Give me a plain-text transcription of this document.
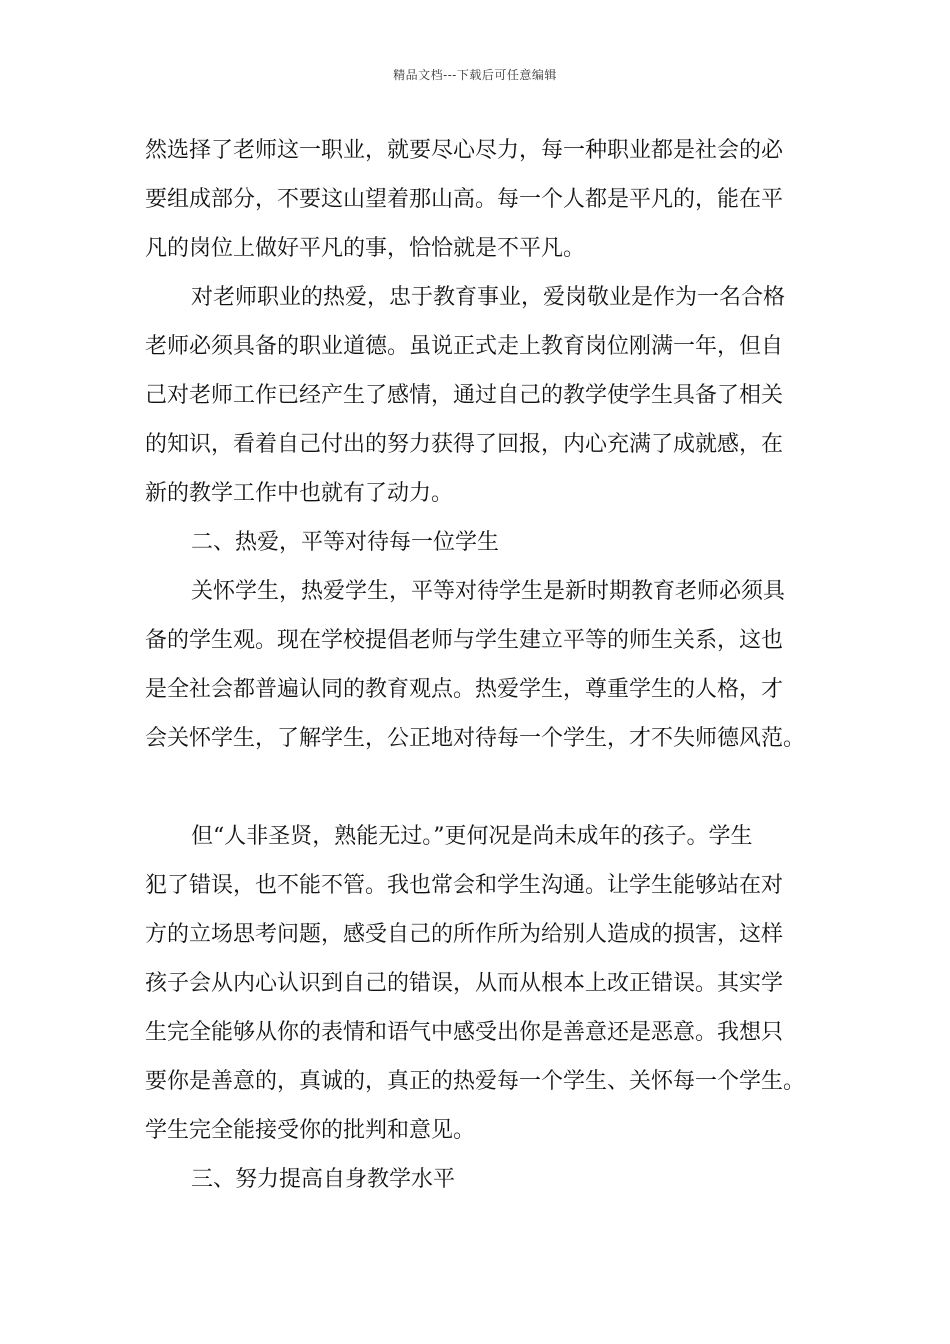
精品文档---下载后可任意编辑
然选择了老师这一职业，就要尽心尽力，每一种职业都是社会的必
要组成部分，不要这山望着那山高。每一个人都是平凡的，能在平
凡的岗位上做好平凡的事，恰恰就是不平凡。
对老师职业的热爱，忠于教育事业，爱岗敬业是作为一名合格
老师必须具备的职业道德。虽说正式走上教育岗位刚满一年，但自
己对老师工作已经产生了感情，通过自己的教学使学生具备了相关
的知识，看着自己付出的努力获得了回报，内心充满了成就感，在
新的教学工作中也就有了动力。
二、热爱，平等对待每一位学生
关怀学生，热爱学生，平等对待学生是新时期教育老师必须具
备的学生观。现在学校提倡老师与学生建立平等的师生关系，这也
是全社会都普遍认同的教育观点。热爱学生，尊重学生的人格，才
会关怀学生，了解学生，公正地对待每一个学生，才不失师德风范。
但“人非圣贤，熟能无过。”更何况是尚未成年的孩子。学生
犯了错误，也不能不管。我也常会和学生沟通。让学生能够站在对
方的立场思考问题，感受自己的所作所为给别人造成的损害，这样
孩子会从内心认识到自己的错误，从而从根本上改正错误。其实学
生完全能够从你的表情和语气中感受出你是善意还是恶意。我想只
要你是善意的，真诚的，真正的热爱每一个学生、关怀每一个学生。
学生完全能接受你的批判和意见。
三、努力提高自身教学水平
